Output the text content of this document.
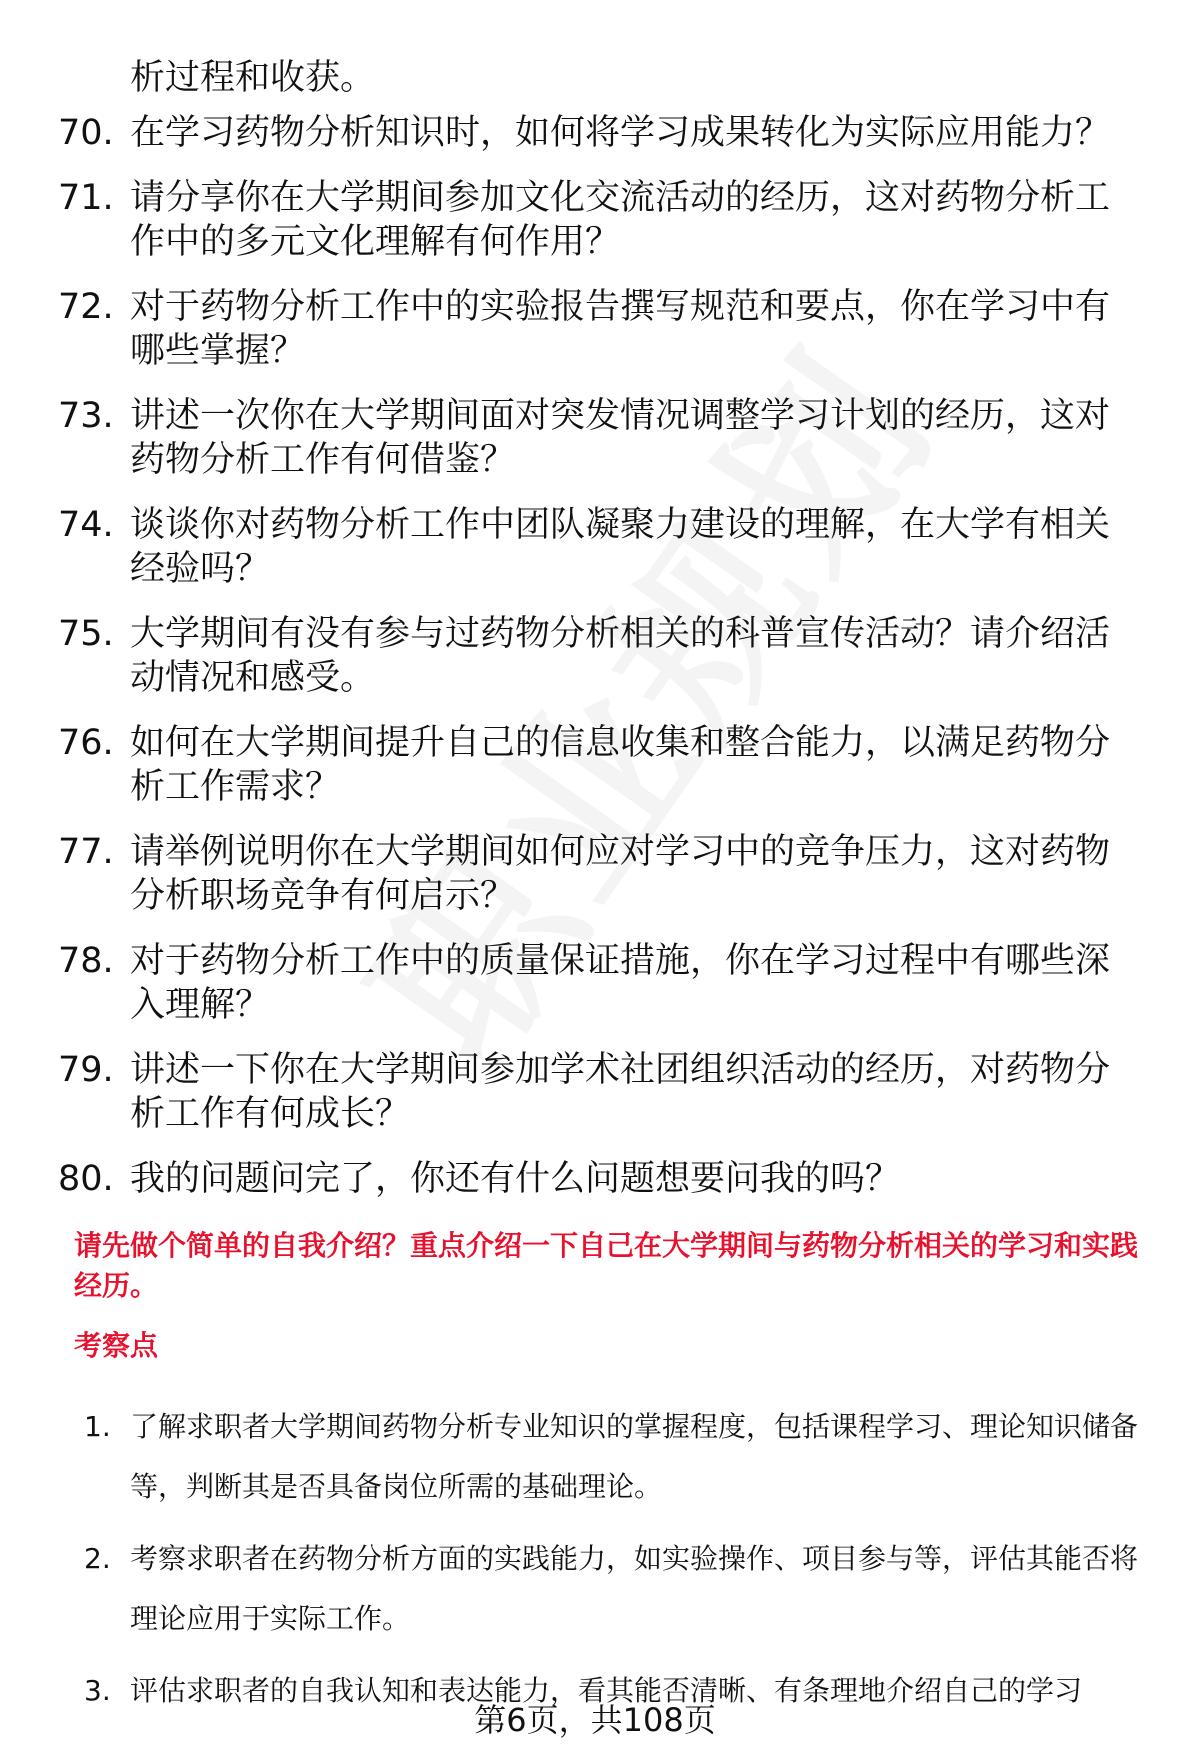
析过程和收获。
70. 在学习药物分析知识时，如何将学习成果转化为实际应用能力？
71. 请分享你在大学期间参加文化交流活动的经历，这对药物分析工作中的多元文化理解有何作用？
72. 对于药物分析工作中的实验报告撰写规范和要点，你在学习中有哪些掌握？
73. 讲述一次你在大学期间面对突发情况调整学习计划的经历，这对药物分析工作有何借鉴？
74. 谈谈你对药物分析工作中团队凝聚力建设的理解，在大学有相关经验吗？
75. 大学期间有没有参与过药物分析相关的科普宣传活动？请介绍活动情况和感受。
76. 如何在大学期间提升自己的信息收集和整合能力，以满足药物分析工作需求？
77. 请举例说明你在大学期间如何应对学习中的竞争压力，这对药物分析职场竞争有何启示？
78. 对于药物分析工作中的质量保证措施，你在学习过程中有哪些深入理解？
79. 讲述一下你在大学期间参加学术社团组织活动的经历，对药物分析工作有何成长？
80. 我的问题问完了，你还有什么问题想要问我的吗？
请先做个简单的自我介绍？重点介绍一下自己在大学期间与药物分析相关的学习和实践经历。
考察点
1. 了解求职者大学期间药物分析专业知识的掌握程度，包括课程学习、理论知识储备等，判断其是否具备岗位所需的基础理论。
2. 考察求职者在药物分析方面的实践能力，如实验操作、项目参与等，评估其能否将理论应用于实际工作。
3. 评估求职者的自我认知和表达能力，看其能否清晰、有条理地介绍自己的学习
第6页，共108页
